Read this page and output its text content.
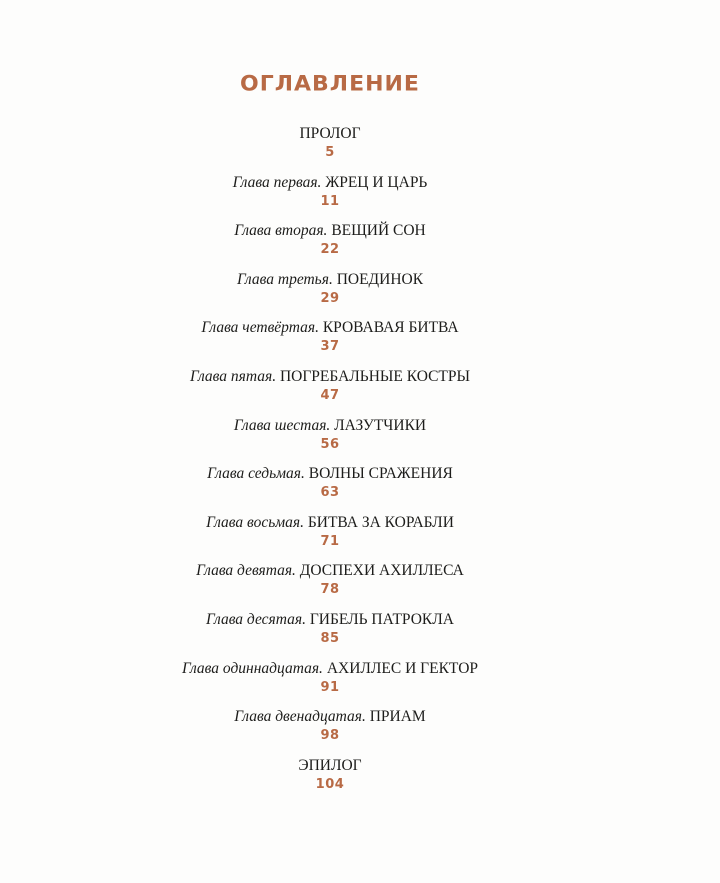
ОГЛАВЛЕНИЕ
ПРОЛОГ
5
Глава первая. ЖРЕЦ И ЦАРЬ
11
Глава вторая. ВЕЩИЙ СОН
22
Глава третья. ПОЕДИНОК
29
Глава четвёртая. КРОВАВАЯ БИТВА
37
Глава пятая. ПОГРЕБАЛЬНЫЕ КОСТРЫ
47
Глава шестая. ЛАЗУТЧИКИ
56
Глава седьмая. ВОЛНЫ СРАЖЕНИЯ
63
Глава восьмая. БИТВА ЗА КОРАБЛИ
71
Глава девятая. ДОСПЕХИ АХИЛЛЕСА
78
Глава десятая. ГИБЕЛЬ ПАТРОКЛА
85
Глава одиннадцатая. АХИЛЛЕС И ГЕКТОР
91
Глава двенадцатая. ПРИАМ
98
ЭПИЛОГ
104
